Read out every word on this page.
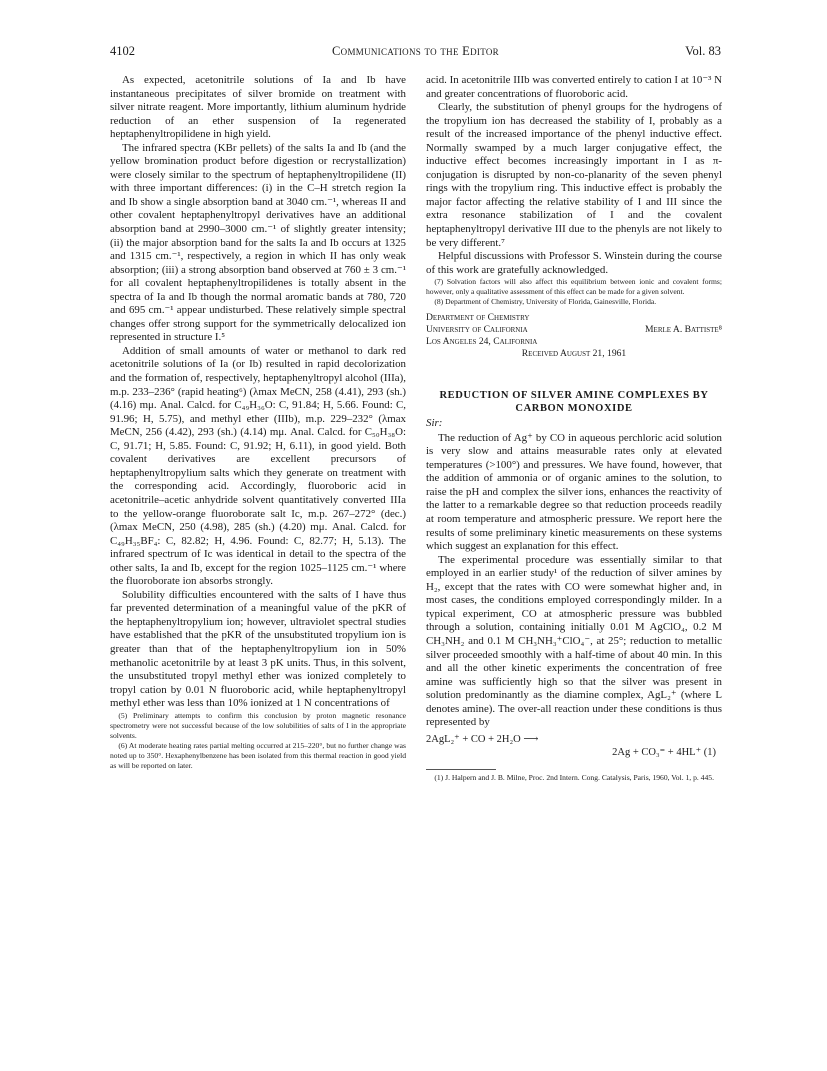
4102	Communications to the Editor	Vol. 83

As expected, acetonitrile solutions of Ia and Ib have instantaneous precipitates of silver bromide on treatment with silver nitrate reagent. More importantly, lithium aluminum hydride reduction of an ether suspension of Ia regenerated heptaphenyltropilidene in high yield.

The infrared spectra (KBr pellets) of the salts Ia and Ib (and the yellow bromination product before digestion or recrystallization) were closely similar to the spectrum of heptaphenyltropilidene (II) with three important differences: (i) in the C–H stretch region Ia and Ib show a single absorption band at 3040 cm.⁻¹, whereas II and other covalent heptaphenyltropyl derivatives have an additional absorption band at 2990–3000 cm.⁻¹ of slightly greater intensity; (ii) the major absorption band for the salts Ia and Ib occurs at 1325 and 1315 cm.⁻¹, respectively, a region in which II has only weak absorption; (iii) a strong absorption band observed at 760 ± 3 cm.⁻¹ for all covalent heptaphenyltropilidenes is totally absent in the spectra of Ia and Ib though the normal aromatic bands at 780, 720 and 695 cm.⁻¹ appear undisturbed. These relatively simple spectral changes offer strong support for the symmetrically delocalized ion represented in structure I.⁵

Addition of small amounts of water or methanol to dark red acetonitrile solutions of Ia (or Ib) resulted in rapid decolorization and the formation of, respectively, heptaphenyltropyl alcohol (IIIa), m.p. 233–236° (rapid heating⁶) (λmax MeCN, 258 (4.41), 293 (sh.) (4.16) mμ. Anal. Calcd. for C₄₉H₃₆O: C, 91.84; H, 5.66. Found: C, 91.96; H, 5.75), and methyl ether (IIIb), m.p. 229–232° (λmax MeCN, 256 (4.42), 293 (sh.) (4.14) mμ. Anal. Calcd. for C₅₀H₃₈O: C, 91.71; H, 5.85. Found: C, 91.92; H, 6.11), in good yield. Both covalent derivatives are excellent precursors of heptaphenyltropylium salts which they generate on treatment with the corresponding acid. Accordingly, fluoroboric acid in acetonitrile–acetic anhydride solvent quantitatively converted IIIa to the yellow-orange fluoroborate salt Ic, m.p. 267–272° (dec.) (λmax MeCN, 250 (4.98), 285 (sh.) (4.20) mμ. Anal. Calcd. for C₄₉H₃₅BF₄: C, 82.82; H, 4.96. Found: C, 82.77; H, 5.13). The infrared spectrum of Ic was identical in detail to the spectra of the other salts, Ia and Ib, except for the region 1025–1125 cm.⁻¹ where the fluoroborate ion absorbs strongly.

Solubility difficulties encountered with the salts of I have thus far prevented determination of a meaningful value of the pKR of the heptaphenyltropylium ion; however, ultraviolet spectral studies have established that the pKR of the unsubstituted tropylium ion is greater than that of the heptaphenyltropylium ion in 50% methanolic acetonitrile by at least 3 pK units. Thus, in this solvent, the unsubstituted tropyl methyl ether was ionized completely to tropyl cation by 0.01 N fluoroboric acid, while heptaphenyltropyl methyl ether was less than 10% ionized at 1 N concentrations of

(5) Preliminary attempts to confirm this conclusion by proton magnetic resonance spectrometry were not successful because of the low solubilities of salts of I in the appropriate solvents.

(6) At moderate heating rates partial melting occurred at 215–220°, but no further change was noted up to 350°. Hexaphenylbenzene has been isolated from this thermal reaction in good yield as will be reported on later.

acid. In acetonitrile IIIb was converted entirely to cation I at 10⁻³ N and greater concentrations of fluoroboric acid.

Clearly, the substitution of phenyl groups for the hydrogens of the tropylium ion has decreased the stability of I, probably as a result of the increased importance of the phenyl inductive effect. Normally swamped by a much larger conjugative effect, the inductive effect becomes increasingly important in I as π-conjugation is disrupted by non-co-planarity of the seven phenyl rings with the tropylium ring. This inductive effect is probably the major factor affecting the relative stability of I and III since the extra resonance stabilization of I and the covalent heptaphenyltropyl derivative III due to the phenyls are not likely to be very different.⁷

Helpful discussions with Professor S. Winstein during the course of this work are gratefully acknowledged.

(7) Solvation factors will also affect this equilibrium between ionic and covalent forms; however, only a qualitative assessment of this effect can be made for a given solvent.

(8) Department of Chemistry, University of Florida, Gainesville, Florida.

Department of Chemistry
University of California	Merle A. Battiste⁸
Los Angeles 24, California
Received August 21, 1961
REDUCTION OF SILVER AMINE COMPLEXES BY
CARBON MONOXIDE
Sir:

The reduction of Ag⁺ by CO in aqueous perchloric acid solution is very slow and attains measurable rates only at elevated temperatures (>100°) and pressures. We have found, however, that the addition of ammonia or of organic amines to the solution, to raise the pH and complex the silver ions, enhances the reactivity of the latter to a remarkable degree so that reduction proceeds readily at room temperature and atmospheric pressure. We report here the results of some preliminary kinetic measurements on these systems which suggest an explanation for this effect.

The experimental procedure was essentially similar to that employed in an earlier study¹ of the reduction of silver amines by H₂, except that the rates with CO were somewhat higher and, in most cases, the conditions employed correspondingly milder. In a typical experiment, CO at atmospheric pressure was bubbled through a solution, containing initially 0.01 M AgClO₄, 0.2 M CH₃NH₂ and 0.1 M CH₃NH₃⁺ClO₄⁻, at 25°; reduction to metallic silver proceeded smoothly with a half-time of about 40 min. In this and all the other kinetic experiments the concentration of free amine was sufficiently high so that the silver was present in solution predominantly as the diamine complex, AgL₂⁺ (where L denotes amine). The over-all reaction under these conditions is thus represented by

2AgL₂⁺ + CO + 2H₂O ⟶
2Ag + CO₃⁼ + 4HL⁺ (1)

(1) J. Halpern and J. B. Milne, Proc. 2nd Intern. Cong. Catalysis, Paris, 1960, Vol. 1, p. 445.
